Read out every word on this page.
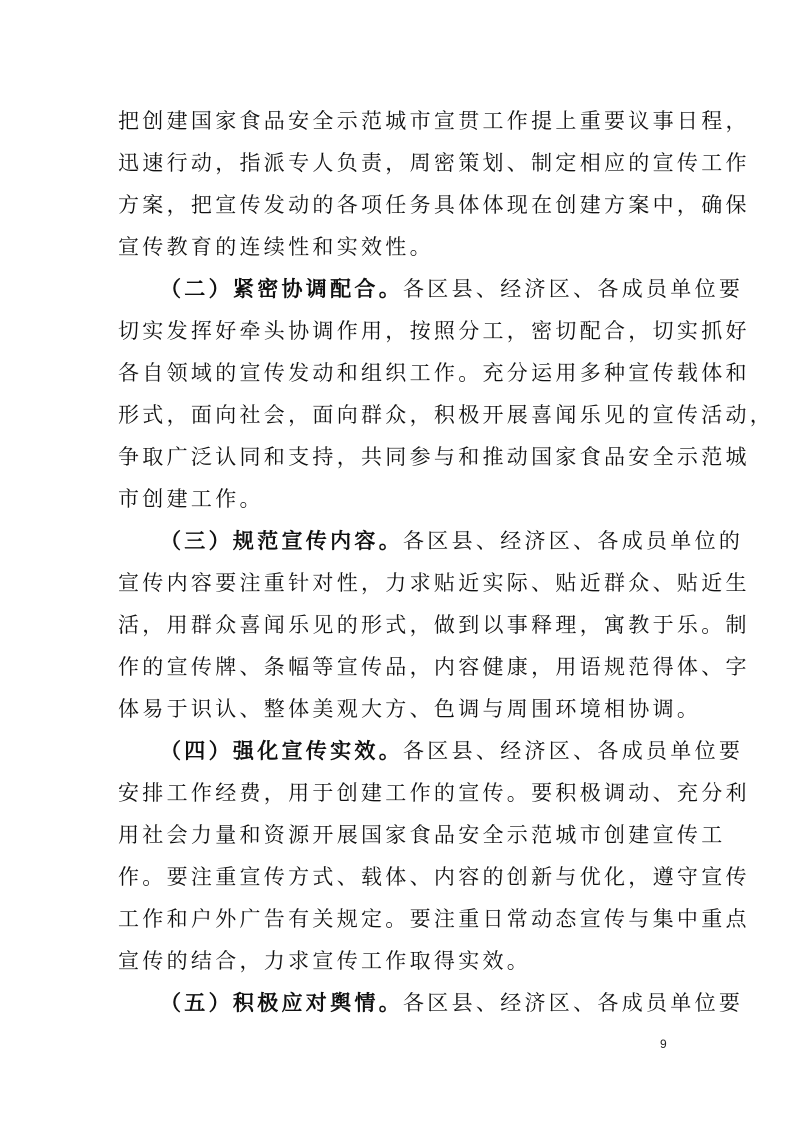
把创建国家食品安全示范城市宣贯工作提上重要议事日程，
迅速行动，指派专人负责，周密策划、制定相应的宣传工作
方案，把宣传发动的各项任务具体体现在创建方案中，确保
宣传教育的连续性和实效性。
（二）紧密协调配合。各区县、经济区、各成员单位要
切实发挥好牵头协调作用，按照分工，密切配合，切实抓好
各自领域的宣传发动和组织工作。充分运用多种宣传载体和
形式，面向社会，面向群众，积极开展喜闻乐见的宣传活动，
争取广泛认同和支持，共同参与和推动国家食品安全示范城
市创建工作。
（三）规范宣传内容。各区县、经济区、各成员单位的
宣传内容要注重针对性，力求贴近实际、贴近群众、贴近生
活，用群众喜闻乐见的形式，做到以事释理，寓教于乐。制
作的宣传牌、条幅等宣传品，内容健康，用语规范得体、字
体易于识认、整体美观大方、色调与周围环境相协调。
（四）强化宣传实效。各区县、经济区、各成员单位要
安排工作经费，用于创建工作的宣传。要积极调动、充分利
用社会力量和资源开展国家食品安全示范城市创建宣传工
作。要注重宣传方式、载体、内容的创新与优化，遵守宣传
工作和户外广告有关规定。要注重日常动态宣传与集中重点
宣传的结合，力求宣传工作取得实效。
（五）积极应对舆情。各区县、经济区、各成员单位要
9
